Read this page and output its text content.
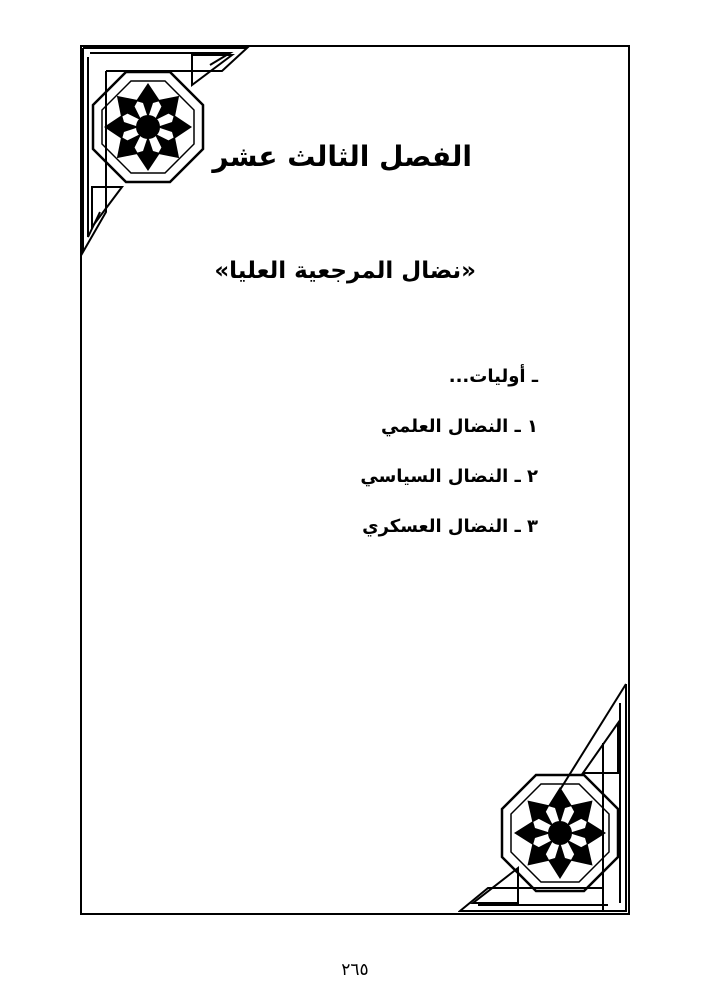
الفصل الثالث عشر
«نضال المرجعية العليا»
ـ أوليات...
١ ـ النضال العلمي
٢ ـ النضال السياسي
٣ ـ النضال العسكري
٢٦٥
